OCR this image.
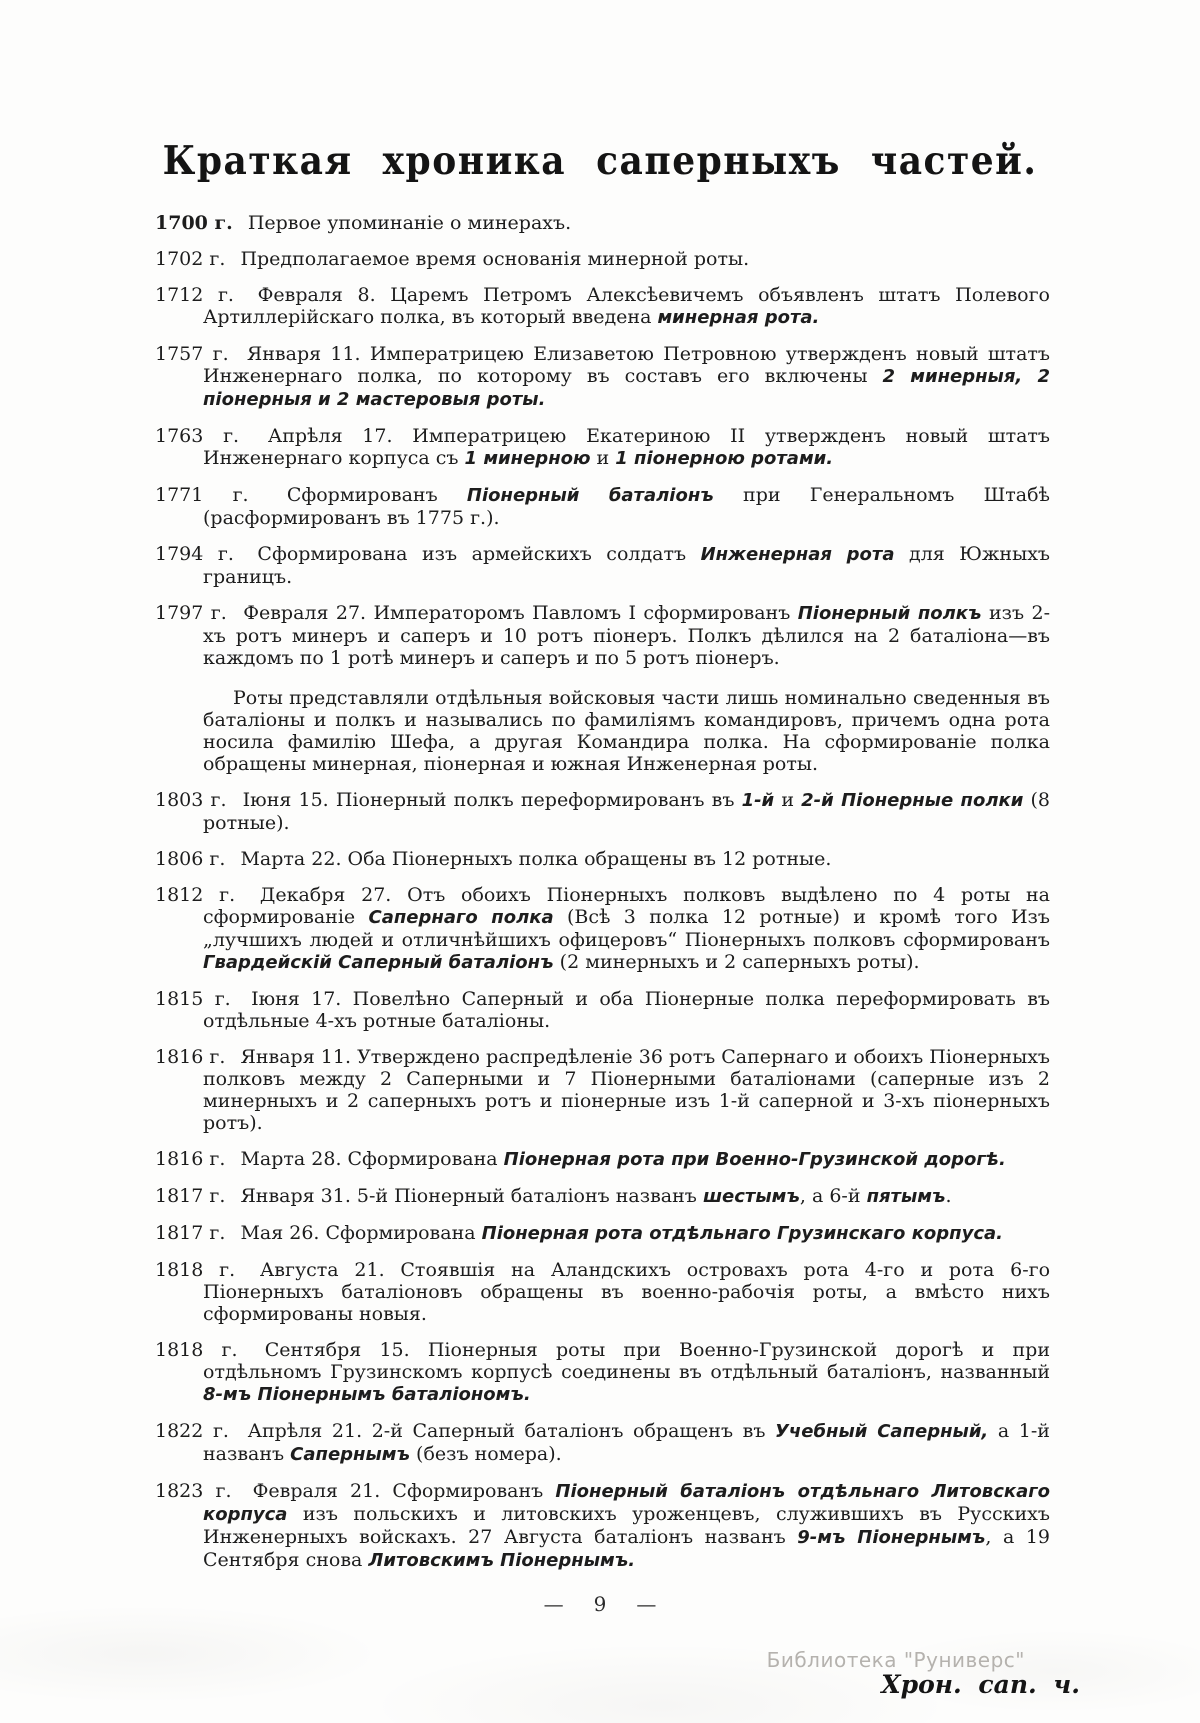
Краткая хроника саперныхъ частей.

1700 г. Первое упоминаніе о минерахъ.

1702 г. Предполагаемое время основанія минерной роты.

1712 г. Февраля 8. Царемъ Петромъ Алексѣевичемъ объявленъ штатъ Полевого Артиллерійскаго полка, въ который введена минерная рота.

1757 г. Января 11. Императрицею Елизаветою Петровною утвержденъ новый штатъ Инженернаго полка, по которому въ составъ его включены 2 минерныя, 2 піонерныя и 2 мастеровыя роты.

1763 г. Апрѣля 17. Императрицею Екатериною II утвержденъ новый штатъ Инженернаго корпуса съ 1 минерною и 1 піонерною ротами.

1771 г. Сформированъ Піонерный баталіонъ при Генеральномъ Штабѣ (расформированъ въ 1775 г.).

1794 г. Сформирована изъ армейскихъ солдатъ Инженерная рота для Южныхъ границъ.

1797 г. Февраля 27. Императоромъ Павломъ I сформированъ Піонерный полкъ изъ 2-хъ ротъ минеръ и саперъ и 10 ротъ піонеръ. Полкъ дѣлился на 2 баталіона—въ каждомъ по 1 ротѣ минеръ и саперъ и по 5 ротъ піонеръ.

Роты представляли отдѣльныя войсковыя части лишь номинально сведенныя въ баталіоны и полкъ и назывались по фамиліямъ командировъ, причемъ одна рота носила фамилію Шефа, а другая Командира полка. На сформированіе полка обращены минерная, піонерная и южная Инженерная роты.

1803 г. Іюня 15. Піонерный полкъ переформированъ въ 1-й и 2-й Піонерные полки (8 ротные).

1806 г. Марта 22. Оба Піонерныхъ полка обращены въ 12 ротные.

1812 г. Декабря 27. Отъ обоихъ Піонерныхъ полковъ выдѣлено по 4 роты на сформированіе Сапернаго полка (Всѣ 3 полка 12 ротные) и кромѣ того Изъ „лучшихъ людей и отличнѣйшихъ офицеровъ“ Піонерныхъ полковъ сформированъ Гвардейскій Саперный баталіонъ (2 минерныхъ и 2 саперныхъ роты).

1815 г. Іюня 17. Повелѣно Саперный и оба Піонерные полка переформировать въ отдѣльные 4-хъ ротные баталіоны.

1816 г. Января 11. Утверждено распредѣленіе 36 ротъ Сапернаго и обоихъ Піонерныхъ полковъ между 2 Саперными и 7 Піонерными баталіонами (саперные изъ 2 минерныхъ и 2 саперныхъ ротъ и піонерные изъ 1-й саперной и 3-хъ піонерныхъ ротъ).

1816 г. Марта 28. Сформирована Піонерная рота при Военно-Грузинской дорогѣ.

1817 г. Января 31. 5-й Піонерный баталіонъ названъ шестымъ, а 6-й пятымъ.

1817 г. Мая 26. Сформирована Піонерная рота отдѣльнаго Грузинскаго корпуса.

1818 г. Августа 21. Стоявшія на Аландскихъ островахъ рота 4-го и рота 6-го Піонерныхъ баталіоновъ обращены въ военно-рабочія роты, а вмѣсто нихъ сформированы новыя.

1818 г. Сентября 15. Піонерныя роты при Военно-Грузинской дорогѣ и при отдѣльномъ Грузинскомъ корпусѣ соединены въ отдѣльный баталіонъ, названный 8-мъ Піонернымъ баталіономъ.

1822 г. Апрѣля 21. 2-й Саперный баталіонъ обращенъ въ Учебный Саперный, а 1-й названъ Сапернымъ (безъ номера).

1823 г. Февраля 21. Сформированъ Піонерный баталіонъ отдѣльнаго Литовскаго корпуса изъ польскихъ и литовскихъ уроженцевъ, служившихъ въ Русскихъ Инженерныхъ войскахъ. 27 Августа баталіонъ названъ 9-мъ Піонернымъ, а 19 Сентября снова Литовскимъ Піонернымъ.

— 9 —
Библиотека "Руниверс"
Хрон. сап. ч.
